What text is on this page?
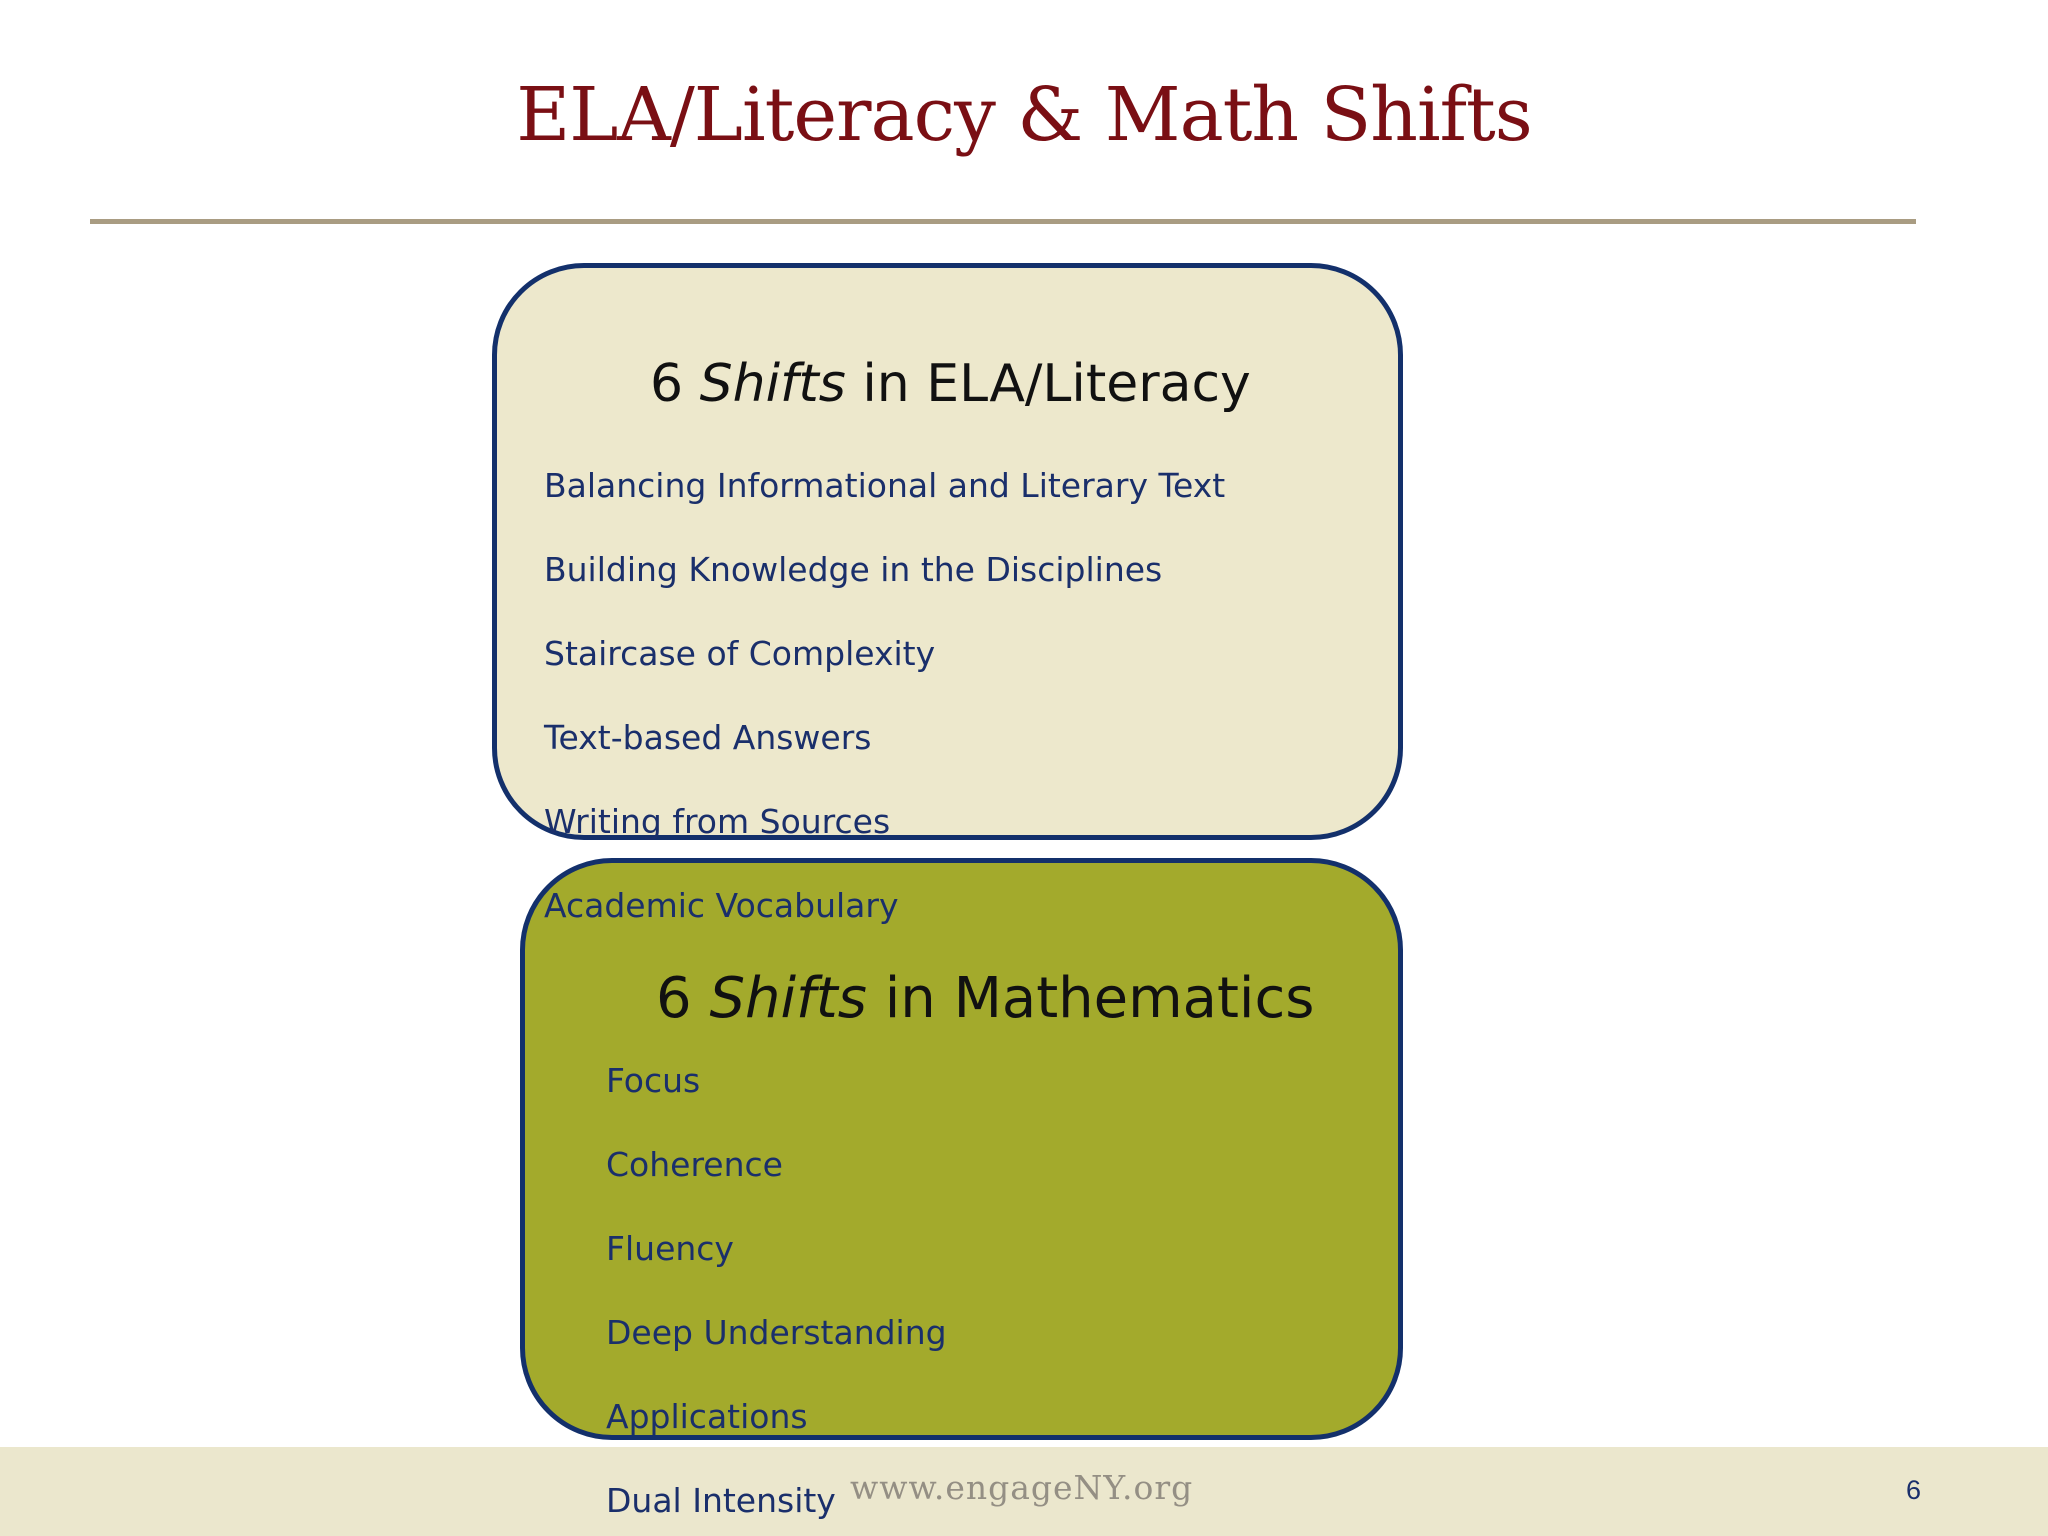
ELA/Literacy & Math Shifts
6 Shifts in ELA/Literacy
Balancing Informational and Literary Text
Building Knowledge in the Disciplines
Staircase of Complexity
Text-based Answers
Writing from Sources
Academic Vocabulary
6 Shifts in Mathematics
Focus
Coherence
Fluency
Deep Understanding
Applications
Dual Intensity www.engageNY.org	6
